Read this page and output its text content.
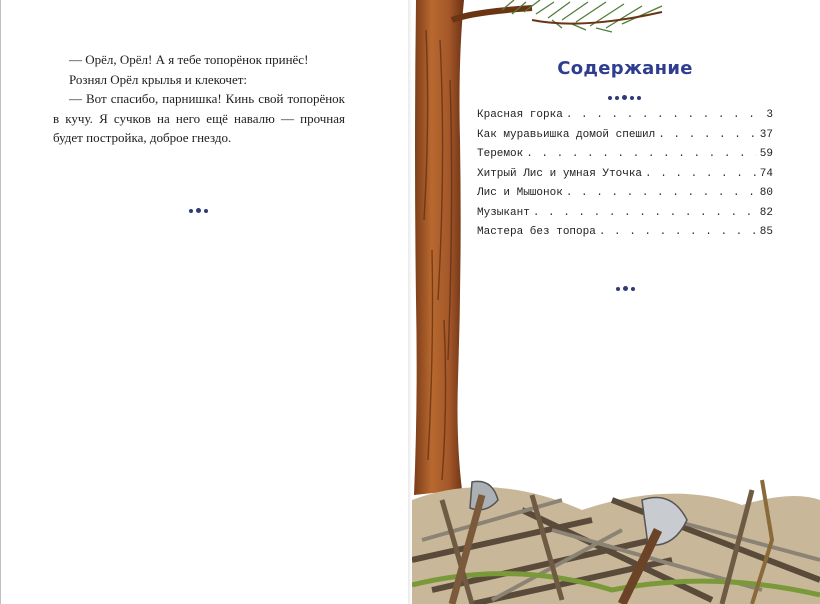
— Орёл, Орёл! А я тебе топорёнок принёс!

Рознял Орёл крылья и клекочет:

— Вот спасибо, парнишка! Кинь свой топорёнок в кучу. Я сучков на него ещё навалю — прочная будет постройка, доброе гнездо.

Содержание
Красная горка . . .	3
Как муравьишка домой спешил . . .	37
Теремок . . .	59
Хитрый Лис и умная Уточка . . .	74
Лис и Мышонок . . .	80
Музыкант . . .	82
Мастера без топора . . .	85
